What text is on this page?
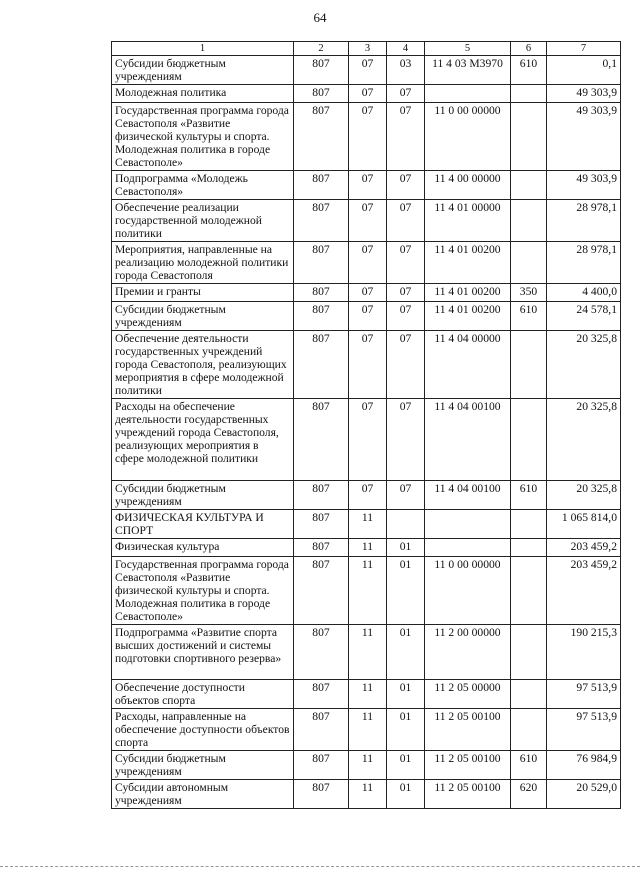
64
1	2	3	4	5	6	7
Субсидии бюджетным учреждениям	807	07	03	11 4 03 М3970	610	0,1
Молодежная политика	807	07	07			49 303,9
Государственная программа города Севастополя «Развитие физической культуры и спорта. Молодежная политика в городе Севастополе»	807	07	07	11 0 00 00000		49 303,9
Подпрограмма «Молодежь Севастополя»	807	07	07	11 4 00 00000		49 303,9
Обеспечение реализации государственной молодежной политики	807	07	07	11 4 01 00000		28 978,1
Мероприятия, направленные на реализацию молодежной политики города Севастополя	807	07	07	11 4 01 00200		28 978,1
Премии и гранты	807	07	07	11 4 01 00200	350	4 400,0
Субсидии бюджетным учреждениям	807	07	07	11 4 01 00200	610	24 578,1
Обеспечение деятельности государственных учреждений города Севастополя, реализующих мероприятия в сфере молодежной политики	807	07	07	11 4 04 00000		20 325,8
Расходы на обеспечение деятельности государственных учреждений города Севастополя, реализующих мероприятия в сфере молодежной политики	807	07	07	11 4 04 00100		20 325,8
Субсидии бюджетным учреждениям	807	07	07	11 4 04 00100	610	20 325,8
ФИЗИЧЕСКАЯ КУЛЬТУРА И СПОРТ	807	11				1 065 814,0
Физическая культура	807	11	01			203 459,2
Государственная программа города Севастополя «Развитие физической культуры и спорта. Молодежная политика в городе Севастополе»	807	11	01	11 0 00 00000		203 459,2
Подпрограмма «Развитие спорта высших достижений и системы подготовки спортивного резерва»	807	11	01	11 2 00 00000		190 215,3
Обеспечение доступности объектов спорта	807	11	01	11 2 05 00000		97 513,9
Расходы, направленные на обеспечение доступности объектов спорта	807	11	01	11 2 05 00100		97 513,9
Субсидии бюджетным учреждениям	807	11	01	11 2 05 00100	610	76 984,9
Субсидии автономным учреждениям	807	11	01	11 2 05 00100	620	20 529,0
